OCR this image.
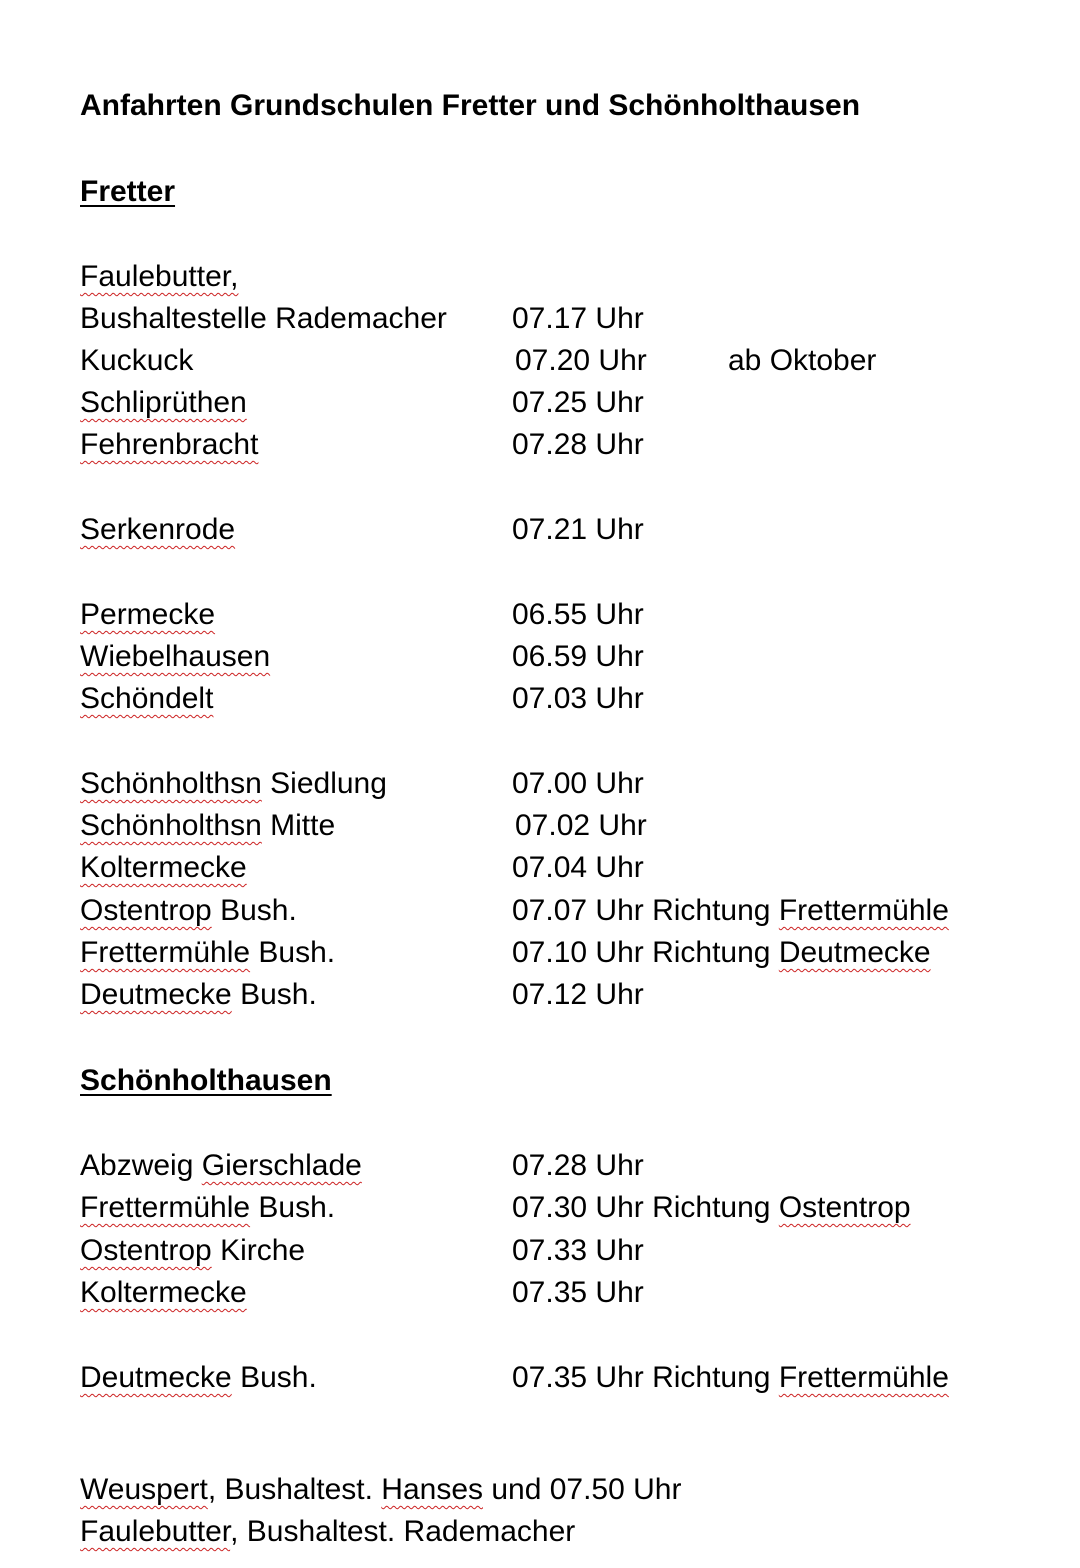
Anfahrten Grundschulen Fretter und Schönholthausen
Fretter
Faulebutter,
Bushaltestelle Rademacher 07.17 Uhr
Kuckuck	07.20 Uhr	ab Oktober
Schliprüthen	07.25 Uhr
Fehrenbracht	07.28 Uhr
Serkenrode	07.21 Uhr
Permecke	06.55 Uhr
Wiebelhausen	06.59 Uhr
Schöndelt	07.03 Uhr
Schönholthsn Siedlung	07.00 Uhr
Schönholthsn Mitte	07.02 Uhr
Koltermecke	07.04 Uhr
Ostentrop Bush.	07.07 Uhr Richtung Frettermühle
Frettermühle Bush.	07.10 Uhr Richtung Deutmecke
Deutmecke Bush.	07.12 Uhr
Schönholthausen
Abzweig Gierschlade	07.28 Uhr
Frettermühle Bush.	07.30 Uhr Richtung Ostentrop
Ostentrop Kirche	07.33 Uhr
Koltermecke	07.35 Uhr
Deutmecke Bush.	07.35 Uhr Richtung Frettermühle
Weuspert, Bushaltest. Hanses und 07.50 Uhr
Faulebutter, Bushaltest. Rademacher
